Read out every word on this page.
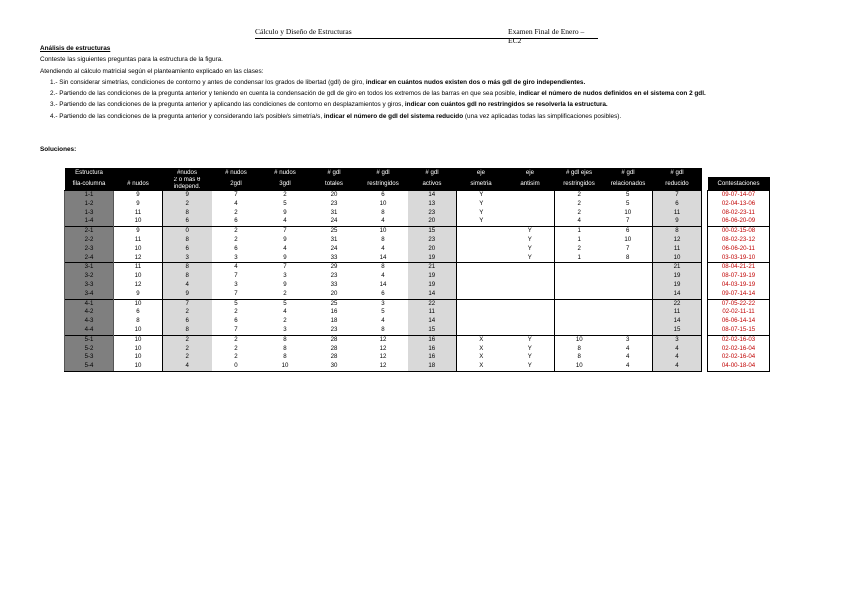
Cálculo y Diseño de Estructuras	Examen Final de Enero – EC2
Análisis de estructuras
Conteste las siguientes preguntas para la estructura de la figura.
Atendiendo al cálculo matricial según el planteamiento explicado en las clases:
1.- Sin considerar simetrías, condiciones de contorno y antes de condensar los grados de libertad (gdl) de giro, indicar en cuántos nudos existen dos o más gdl de giro independientes.
2.- Partiendo de las condiciones de la pregunta anterior y teniendo en cuenta la condensación de gdl de giro en todos los extremos de las barras en que sea posible, indicar el número de nudos definidos en el sistema con 2 gdl.
3.- Partiendo de las condiciones de la pregunta anterior y aplicando las condiciones de contorno en desplazamientos y giros, indicar con cuántos gdl no restringidos se resolverla la estructura.
4.- Partiendo de las condiciones de la pregunta anterior y considerando la/s posible/s simetría/s, indicar el número de gdl del sistema reducido (una vez aplicadas todas las simplificaciones posibles).
Soluciones:
Estructura		#nudos	# nudos	# nudos	# gdl	# gdl	# gdl	eje	eje	# gdl ejes	# gdl	# gdl		
fila-columna	# nudos	2 o más θ independ.	2gdl	3gdl	totales	restringidos	activos	simetria	antisim	restringidos	relacionados	reducido		Contestaciones
1-1	9	9	7	2	20	6	14	Y		2	5	7		09-07-14-07
1-2	9	2	4	5	23	10	13	Y		2	5	6		02-04-13-06
1-3	11	8	2	9	31	8	23	Y		2	10	11		08-02-23-11
1-4	10	6	6	4	24	4	20	Y		4	7	9		06-06-20-09
2-1	9	0	2	7	25	10	15		Y	1	6	8		00-02-15-08
2-2	11	8	2	9	31	8	23		Y	1	10	12		08-02-23-12
2-3	10	6	6	4	24	4	20		Y	2	7	11		06-06-20-11
2-4	12	3	3	9	33	14	19		Y	1	8	10		03-03-19-10
3-1	11	8	4	7	29	8	21					21		08-04-21-21
3-2	10	8	7	3	23	4	19					19		08-07-19-19
3-3	12	4	3	9	33	14	19					19		04-03-19-19
3-4	9	9	7	2	20	6	14					14		09-07-14-14
4-1	10	7	5	5	25	3	22					22		07-05-22-22
4-2	6	2	2	4	16	5	11					11		02-02-11-11
4-3	8	6	6	2	18	4	14					14		06-06-14-14
4-4	10	8	7	3	23	8	15					15		08-07-15-15
5-1	10	2	2	8	28	12	16	X	Y	10	3	3		02-02-16-03
5-2	10	2	2	8	28	12	16	X	Y	8	4	4		02-02-16-04
5-3	10	2	2	8	28	12	16	X	Y	8	4	4		02-02-16-04
5-4	10	4	0	10	30	12	18	X	Y	10	4	4		04-00-18-04
